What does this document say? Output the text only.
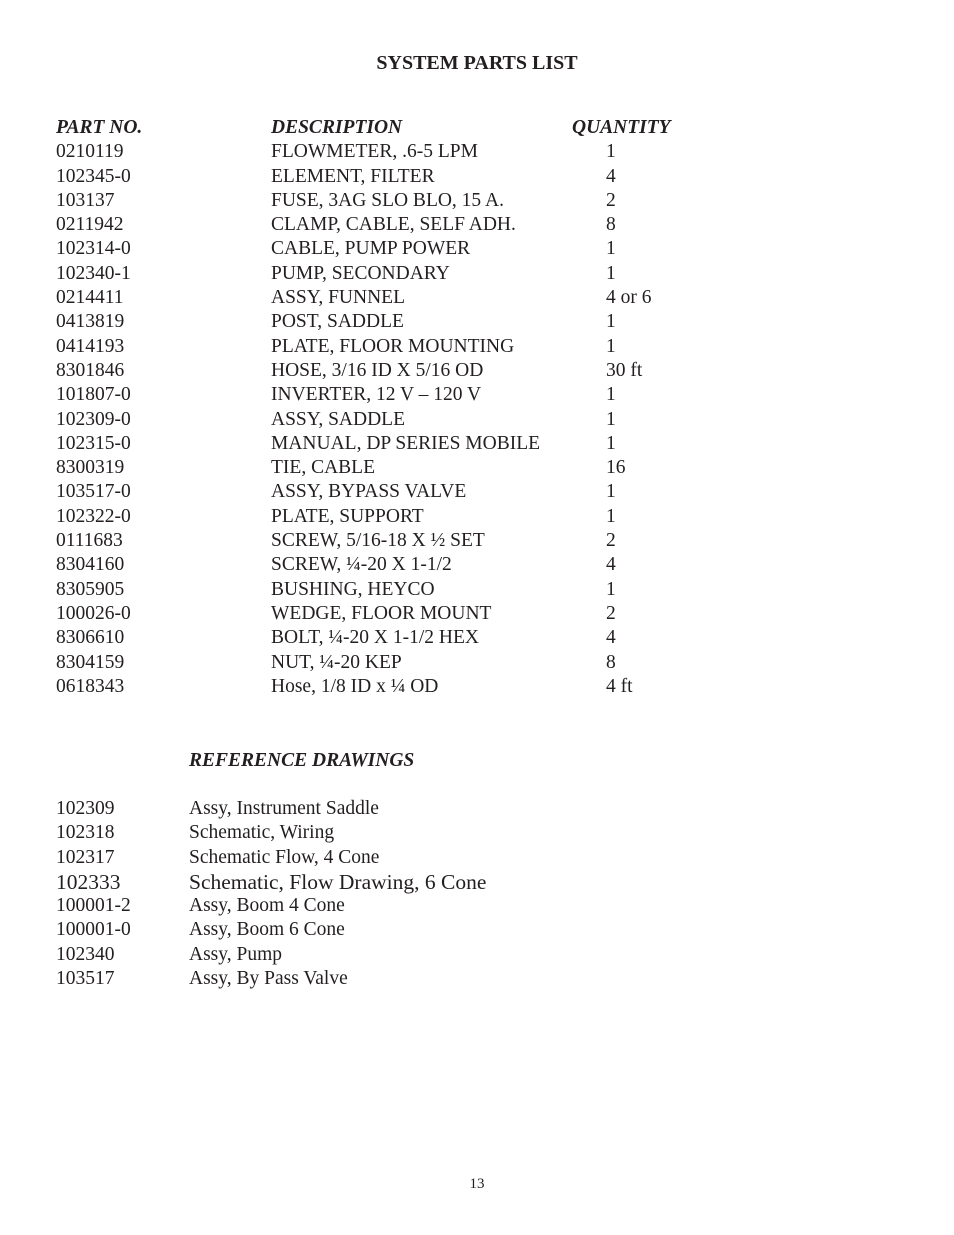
SYSTEM PARTS LIST
PART NO.	DESCRIPTION	QUANTITY
0210119	FLOWMETER, .6-5 LPM	1
102345-0	ELEMENT, FILTER	4
103137	FUSE, 3AG SLO BLO, 15 A.	2
0211942	CLAMP, CABLE, SELF ADH.	8
102314-0	CABLE, PUMP POWER	1
102340-1	PUMP, SECONDARY	1
0214411	ASSY, FUNNEL	4 or 6
0413819	POST, SADDLE	1
0414193	PLATE, FLOOR MOUNTING	1
8301846	HOSE, 3/16 ID X 5/16 OD	30 ft
101807-0	INVERTER, 12 V – 120 V	1
102309-0	ASSY, SADDLE	1
102315-0	MANUAL, DP SERIES MOBILE	1
8300319	TIE, CABLE	16
103517-0	ASSY, BYPASS VALVE	1
102322-0	PLATE, SUPPORT	1
0111683	SCREW, 5/16-18 X ½ SET	2
8304160	SCREW, ¼-20 X 1-1/2	4
8305905	BUSHING, HEYCO	1
100026-0	WEDGE, FLOOR MOUNT	2
8306610	BOLT, ¼-20 X 1-1/2 HEX	4
8304159	NUT, ¼-20 KEP	8
0618343	Hose, 1/8 ID x ¼ OD	4 ft
REFERENCE DRAWINGS
102309	Assy, Instrument Saddle
102318	Schematic, Wiring
102317	Schematic Flow, 4 Cone
102333	Schematic, Flow Drawing, 6 Cone
100001-2	Assy, Boom 4 Cone
100001-0	Assy, Boom 6 Cone
102340	Assy, Pump
103517	Assy, By Pass Valve
13
